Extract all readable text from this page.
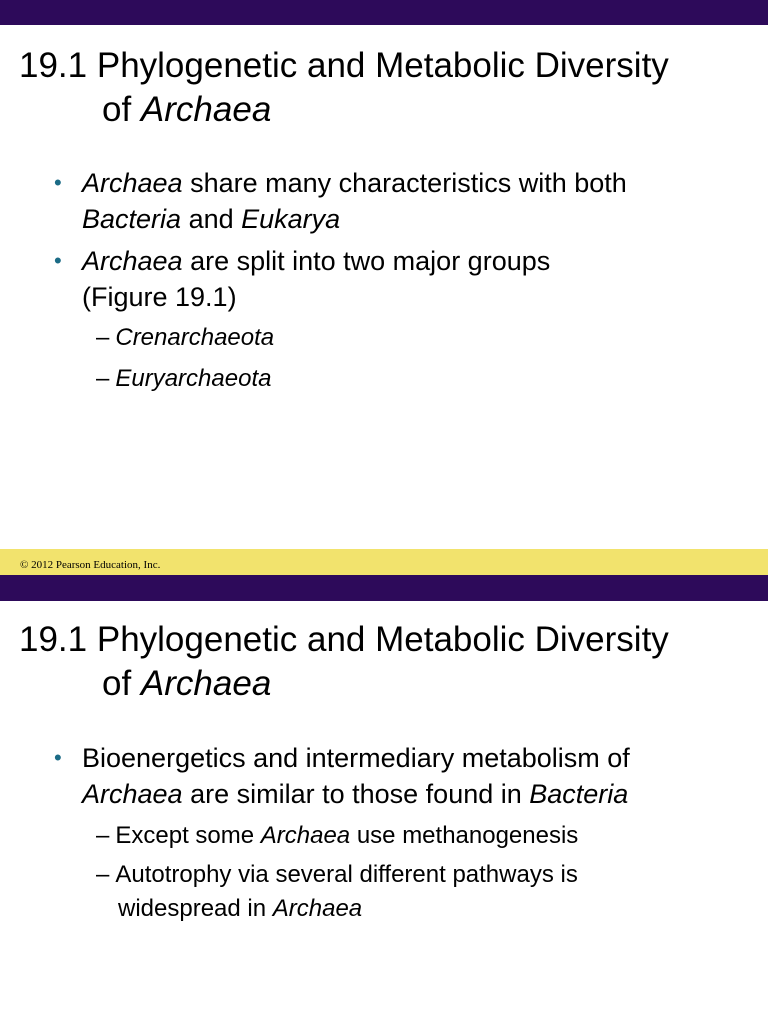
19.1 Phylogenetic and Metabolic Diversity
of Archaea
• Archaea share many characteristics with both
Bacteria and Eukarya
• Archaea are split into two major groups
(Figure 19.1)
– Crenarchaeota
– Euryarchaeota
© 2012 Pearson Education, Inc.
19.1 Phylogenetic and Metabolic Diversity
of Archaea
• Bioenergetics and intermediary metabolism of
Archaea are similar to those found in Bacteria
– Except some Archaea use methanogenesis
– Autotrophy via several different pathways is
widespread in Archaea
